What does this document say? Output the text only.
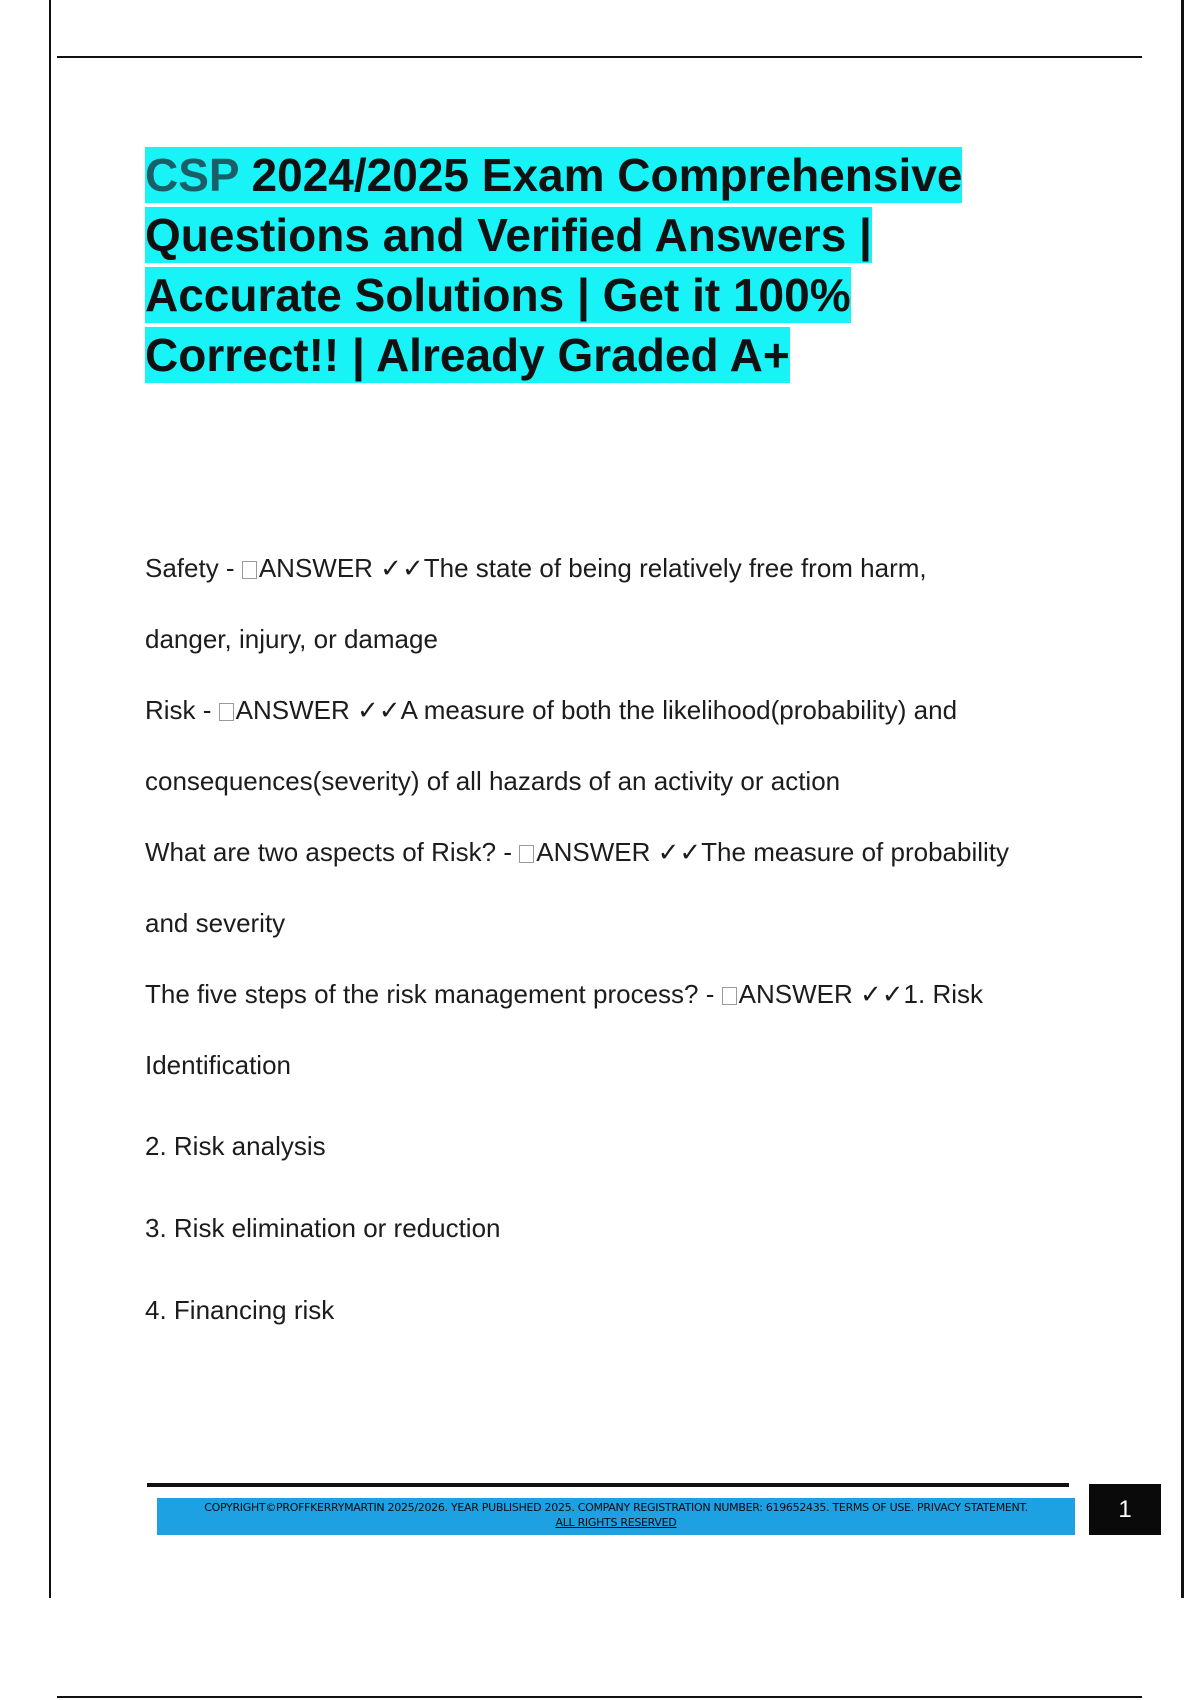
CSP 2024/2025 Exam Comprehensive
Questions and Verified Answers |
Accurate Solutions | Get it 100%
Correct!! | Already Graded A+
Safety - ANSWER ✓✓The state of being relatively free from harm,
danger, injury, or damage
Risk - ANSWER ✓✓A measure of both the likelihood(probability) and
consequences(severity) of all hazards of an activity or action
What are two aspects of Risk? - ANSWER ✓✓The measure of probability
and severity
The five steps of the risk management process? - ANSWER ✓✓1. Risk
Identification
2. Risk analysis
3. Risk elimination or reduction
4. Financing risk
COPYRIGHT©PROFFKERRYMARTIN 2025/2026. YEAR PUBLISHED 2025. COMPANY REGISTRATION NUMBER: 619652435. TERMS OF USE. PRIVACY STATEMENT.
ALL RIGHTS RESERVED	1
